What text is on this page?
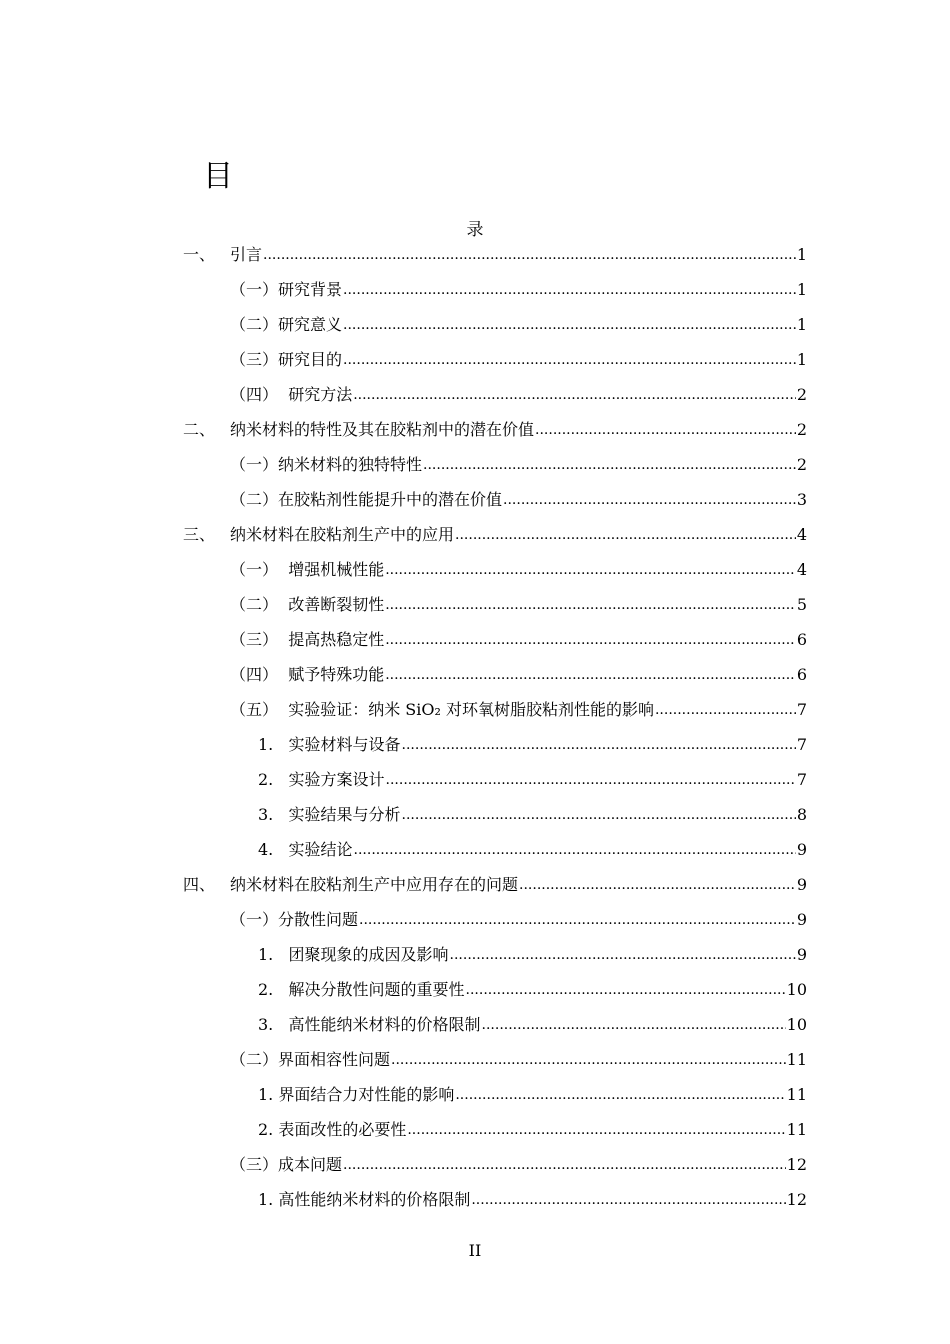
目
录
一、 引言 .....	1
（一） 研究背景 .....	1
（二） 研究意义 .....	1
（三） 研究目的 .....	1
（四） 研究方法 .....	2
二、 纳米材料的特性及其在胶粘剂中的潜在价值 .....	2
（一） 纳米材料的独特特性 .....	2
（二） 在胶粘剂性能提升中的潜在价值 .....	3
三、 纳米材料在胶粘剂生产中的应用 .....	4
（一） 增强机械性能 .....	4
（二） 改善断裂韧性 .....	5
（三） 提高热稳定性 .....	6
（四） 赋予特殊功能 .....	6
（五） 实验验证：纳米 SiO₂ 对环氧树脂胶粘剂性能的影响 .....	7
1. 实验材料与设备 .....	7
2. 实验方案设计 .....	7
3. 实验结果与分析 .....	8
4. 实验结论 .....	9
四、 纳米材料在胶粘剂生产中应用存在的问题 .....	9
（一） 分散性问题 .....	9
1. 团聚现象的成因及影响 .....	9
2. 解决分散性问题的重要性 .....	10
3. 高性能纳米材料的价格限制 .....	10
（二） 界面相容性问题 .....	11
1. 界面结合力对性能的影响 .....	11
2. 表面改性的必要性 .....	11
（三） 成本问题 .....	12
1. 高性能纳米材料的价格限制 .....	12
II
